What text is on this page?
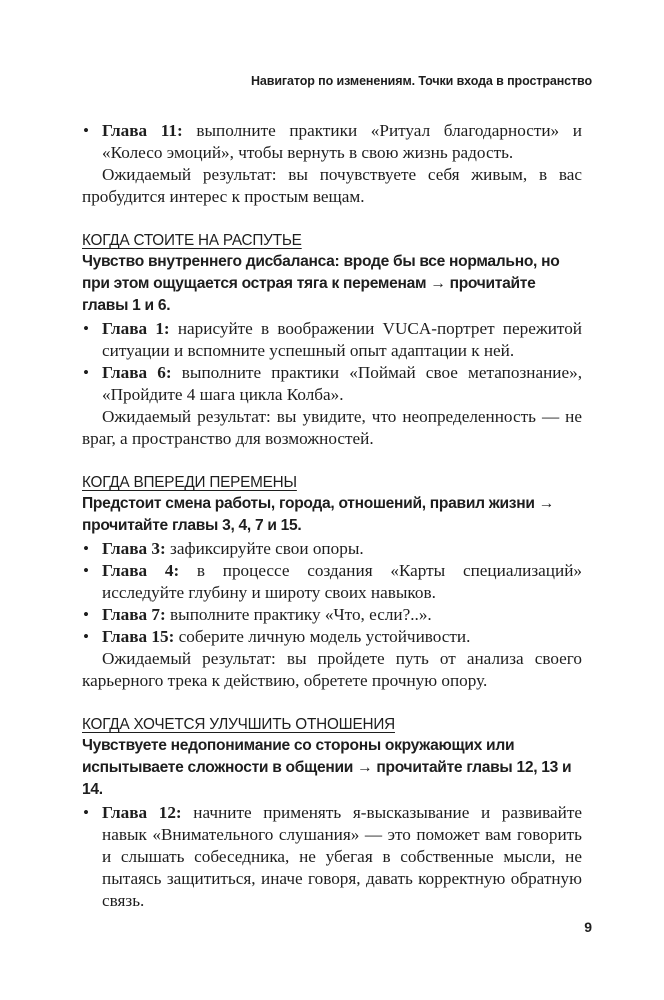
Навигатор по изменениям. Точки входа в пространство
• Глава 11: выполните практики «Ритуал благодарности» и «Колесо эмоций», чтобы вернуть в свою жизнь радость.

Ожидаемый результат: вы почувствуете себя живым, в вас пробудится интерес к простым вещам.

КОГДА СТОИТЕ НА РАСПУТЬЕ
Чувство внутреннего дисбаланса: вроде бы все нормально, но при этом ощущается острая тяга к переменам → прочитайте главы 1 и 6.
• Глава 1: нарисуйте в воображении VUCA-портрет пережитой ситуации и вспомните успешный опыт адаптации к ней.
• Глава 6: выполните практики «Поймай свое метапознание», «Пройдите 4 шага цикла Колба».

Ожидаемый результат: вы увидите, что неопределенность — не враг, а пространство для возможностей.

КОГДА ВПЕРЕДИ ПЕРЕМЕНЫ
Предстоит смена работы, города, отношений, правил жизни → прочитайте главы 3, 4, 7 и 15.
• Глава 3: зафиксируйте свои опоры.
• Глава 4: в процессе создания «Карты специализаций» исследуйте глубину и широту своих навыков.
• Глава 7: выполните практику «Что, если?..».
• Глава 15: соберите личную модель устойчивости.

Ожидаемый результат: вы пройдете путь от анализа своего карьерного трека к действию, обретете прочную опору.

КОГДА ХОЧЕТСЯ УЛУЧШИТЬ ОТНОШЕНИЯ
Чувствуете недопонимание со стороны окружающих или испытываете сложности в общении → прочитайте главы 12, 13 и 14.
• Глава 12: начните применять я-высказывание и развивайте навык «Внимательного слушания» — это поможет вам говорить и слышать собеседника, не убегая в собственные мысли, не пытаясь защититься, иначе говоря, давать корректную обратную связь.
9
